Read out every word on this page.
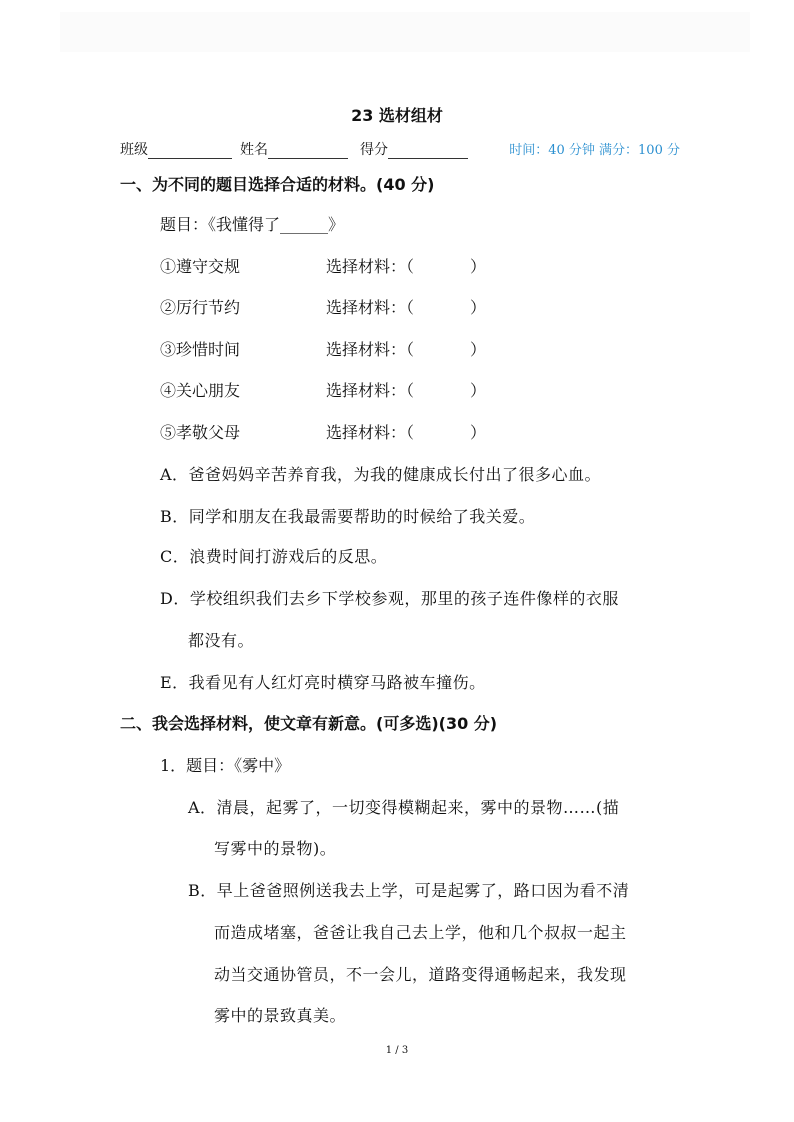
23 选材组材
班级	姓名	得分	时间：40 分钟 满分：100 分
一、为不同的题目选择合适的材料。(40 分)
题目：《我懂得了______》
①遵守交规	选择材料：（	）
②厉行节约	选择材料：（	）
③珍惜时间	选择材料：（	）
④关心朋友	选择材料：（	）
⑤孝敬父母	选择材料：（	）
A．爸爸妈妈辛苦养育我，为我的健康成长付出了很多心血。
B．同学和朋友在我最需要帮助的时候给了我关爱。
C．浪费时间打游戏后的反思。
D．学校组织我们去乡下学校参观，那里的孩子连件像样的衣服
都没有。
E．我看见有人红灯亮时横穿马路被车撞伤。
二、我会选择材料，使文章有新意。(可多选)(30 分)
1．题目：《雾中》
A．清晨，起雾了，一切变得模糊起来，雾中的景物……(描
写雾中的景物)。
B．早上爸爸照例送我去上学，可是起雾了，路口因为看不清
而造成堵塞，爸爸让我自己去上学，他和几个叔叔一起主
动当交通协管员，不一会儿，道路变得通畅起来，我发现
雾中的景致真美。
1 / 3
